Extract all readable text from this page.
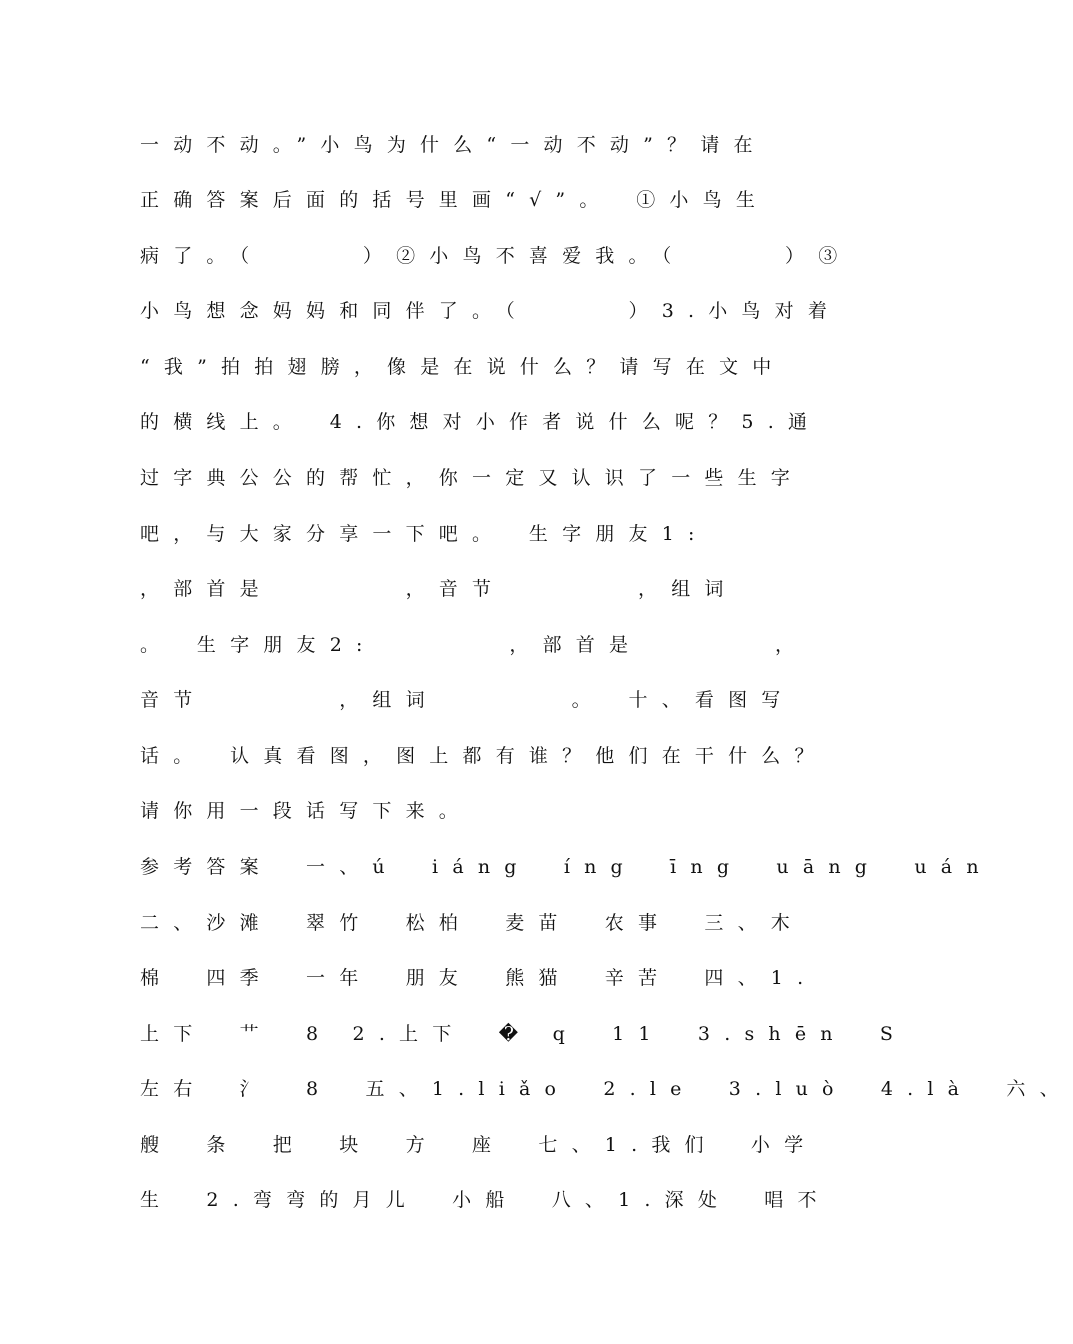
一动不动。”小鸟为什么“一动不动”？请在
正确答案后面的括号里画“√”。　①小鸟生
病了。（　　　）②小鸟不喜爱我。（　　　）③
小鸟想念妈妈和同伴了。（　　　）3.小鸟对着
“我”拍拍翅膀，像是在说什么？请写在文中
的横线上。　4.你想对小作者说什么呢？5.通
过字典公公的帮忙，你一定又认识了一些生字
吧，与大家分享一下吧。　生字朋友1:
，部首是　　　　，音节　　　　，组词
。　生字朋友2:　　　　，部首是　　　　，
音节　　　　，组词　　　　。　十、看图写
话。　认真看图，图上都有谁？他们在干什么？
请你用一段话写下来。
参考答案　一、ú　iáng　íng　īng　uāng　uán
二、沙滩　翠竹　松柏　麦苗　农事　三、木
棉　四季　一年　朋友　熊猫　辛苦　四、1.
上下　艹　8 2.上下　� q　11　3.shēn　S
左右　氵　8　五、1.liǎo　2.le　3.luò　4.là　六、
艘　条　把　块　方　座　七、1.我们　小学
生　2.弯弯的月儿　小船　八、1.深处　唱不
